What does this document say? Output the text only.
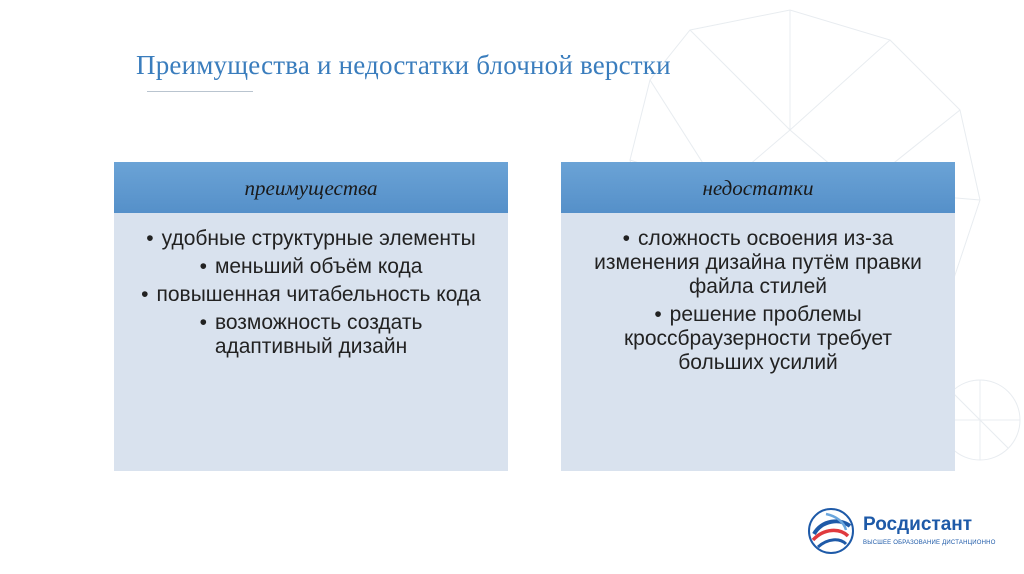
Преимущества и недостатки блочной верстки
преимущества
• удобные структурные элементы
• меньший объём кода
• повышенная читабельность кода
• возможность создать адаптивный дизайн
недостатки
• сложность освоения из-за изменения дизайна путём правки файла стилей
• решение проблемы кроссбраузерности требует больших усилий
Росдистант
ВЫСШЕЕ ОБРАЗОВАНИЕ ДИСТАНЦИОННО
